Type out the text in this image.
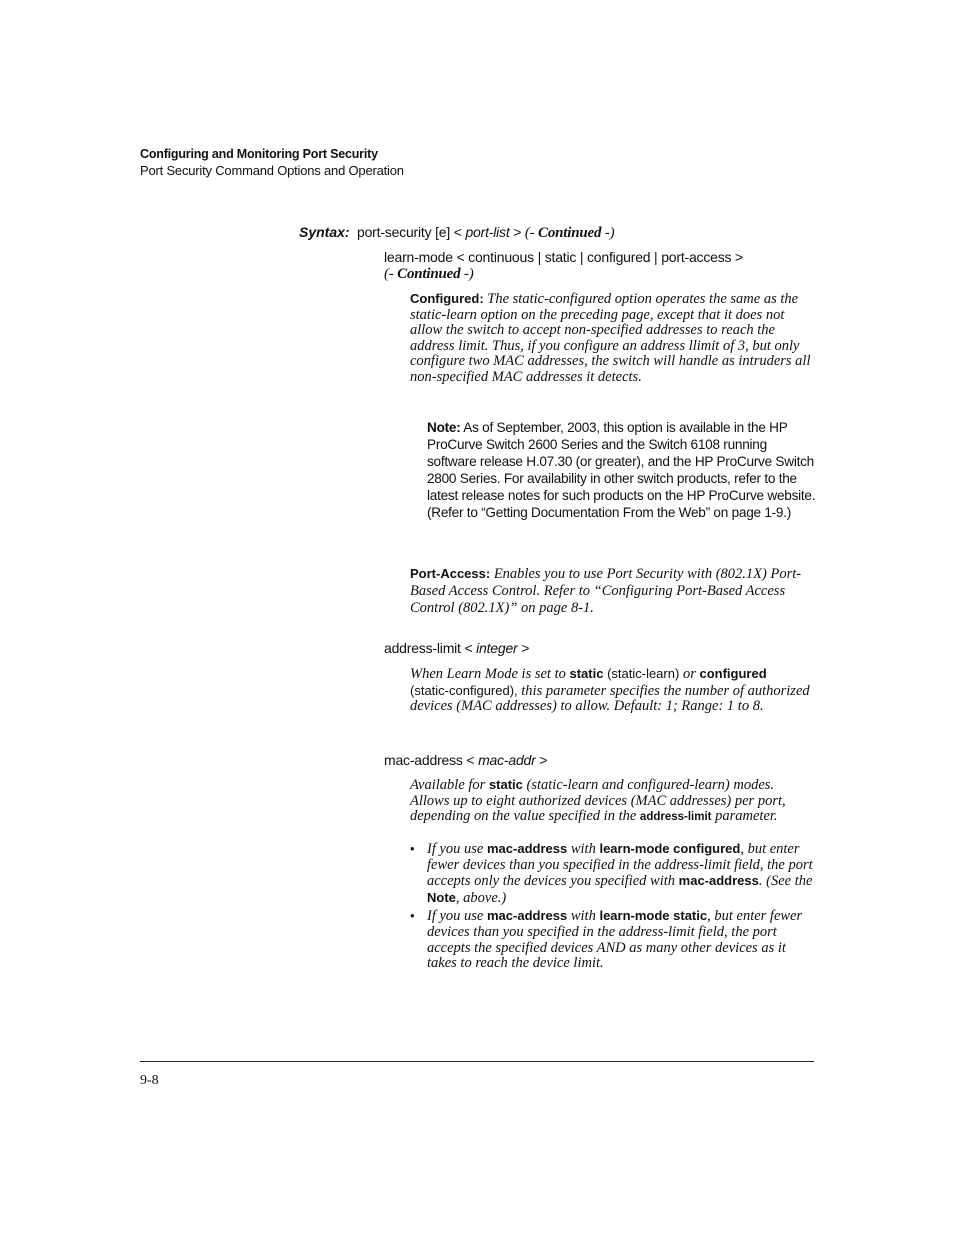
Configuring and Monitoring Port Security
Port Security Command Options and Operation
Syntax: port-security [e] < port-list > (- Continued -)
learn-mode < continuous | static | configured | port-access >
(- Continued -)
Configured: The static-configured option operates the same as the static-learn option on the preceding page, except that it does not allow the switch to accept non-specified addresses to reach the address limit. Thus, if you configure an address llimit of 3, but only configure two MAC addresses, the switch will handle as intruders all non-specified MAC addresses it detects.
Note: As of September, 2003, this option is available in the HP ProCurve Switch 2600 Series and the Switch 6108 running software release H.07.30 (or greater), and the HP ProCurve Switch 2800 Series. For availability in other switch products, refer to the latest release notes for such products on the HP ProCurve website. (Refer to “Getting Documentation From the Web” on page 1-9.)
Port-Access: Enables you to use Port Security with (802.1X) Port-Based Access Control. Refer to “Configuring Port-Based Access Control (802.1X)” on page 8-1.
address-limit < integer >
When Learn Mode is set to static (static-learn) or configured
(static-configured), this parameter specifies the number of authorized devices (MAC addresses) to allow. Default: 1; Range: 1 to 8.
mac-address < mac-addr >
Available for static (static-learn and configured-learn) modes. Allows up to eight authorized devices (MAC addresses) per port, depending on the value specified in the address-limit parameter.
• If you use mac-address with learn-mode configured, but enter fewer devices than you specified in the address-limit field, the port accepts only the devices you specified with mac-address. (See the Note, above.)
• If you use mac-address with learn-mode static, but enter fewer devices than you specified in the address-limit field, the port accepts the specified devices AND as many other devices as it takes to reach the device limit.
9-8
